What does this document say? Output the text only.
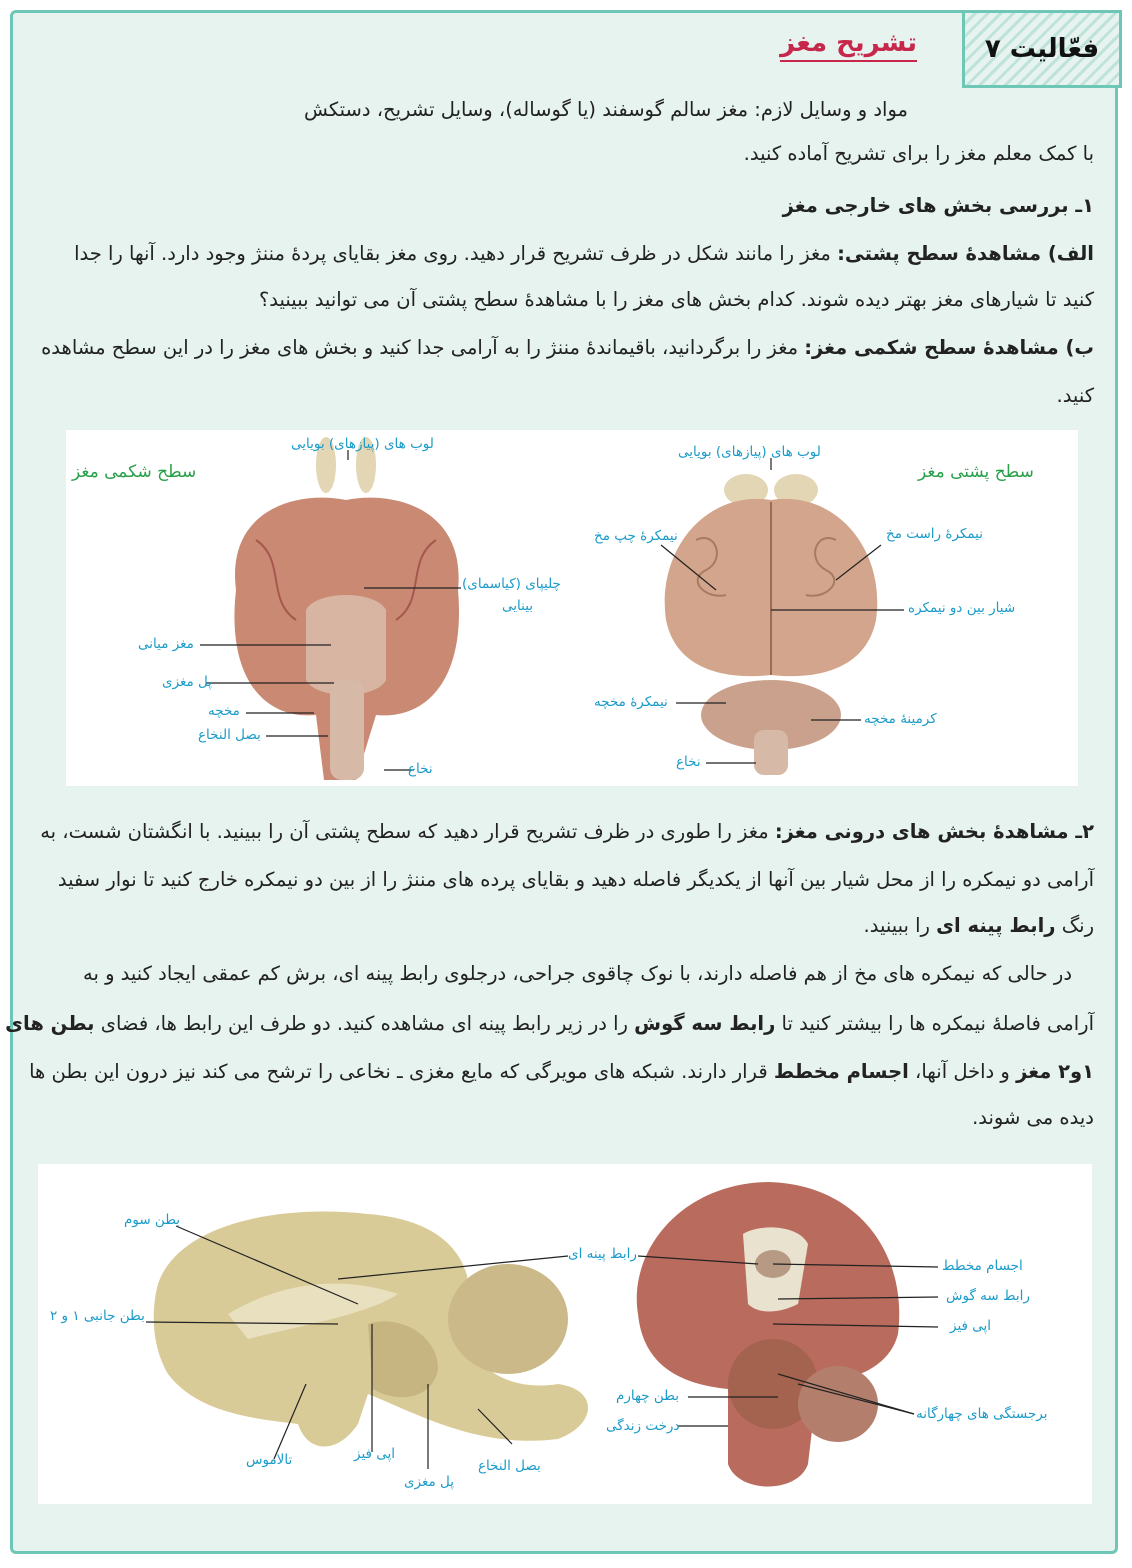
فعّالیت ۷
تشریح مغز
مواد و وسایل لازم: مغز سالم گوسفند (یا گوساله)، وسایل تشریح، دستکش
با کمک معلم مغز را برای تشریح آماده کنید.
۱ـ بررسی بخش های خارجی مغز
الف) مشاهدهٔ سطح پشتی: مغز را مانند شکل در ظرف تشریح قرار دهید. روی مغز بقایای پردهٔ مننژ وجود دارد. آنها را جدا
کنید تا شیارهای مغز بهتر دیده شوند. کدام بخش های مغز را با مشاهدهٔ سطح پشتی آن می توانید ببینید؟
ب) مشاهدهٔ سطح شکمی مغز: مغز را برگردانید، باقیماندهٔ مننژ را به آرامی جدا کنید و بخش های مغز را در این سطح مشاهده
کنید.
سطح شکمی مغز
لوب های (پیازهای) بویایی
چلیپای (کیاسمای)
بینایی
مغز میانی
پل مغزی
مخچه
بصل النخاع
نخاع
سطح پشتی مغز
لوب های (پیازهای) بویایی
نیمکرهٔ چپ مخ	نیمکرهٔ راست مخ
شیار بین دو نیمکره
نیمکرهٔ مخچه
کرمینهٔ مخچه
نخاع
۲ـ مشاهدهٔ بخش های درونی مغز: مغز را طوری در ظرف تشریح قرار دهید که سطح پشتی آن را ببینید. با انگشتان شست، به
آرامی دو نیمکره را از محل شیار بین آنها از یکدیگر فاصله دهید و بقایای پرده های مننژ را از بین دو نیمکره خارج کنید تا نوار سفید
رنگ رابط پینه ای را ببینید.
در حالی که نیمکره های مخ از هم فاصله دارند، با نوک چاقوی جراحی، درجلوی رابط پینه ای، برش کم عمقی ایجاد کنید و به
آرامی فاصلهٔ نیمکره ها را بیشتر کنید تا رابط سه گوش را در زیر رابط پینه ای مشاهده کنید. دو طرف این رابط ها، فضای بطن های
۱و۲ مغز و داخل آنها، اجسام مخطط قرار دارند. شبکه های مویرگی که مایع مغزی ـ نخاعی را ترشح می کند نیز درون این بطن ها
دیده می شوند.
بطن سوم
بطن جانبی ۱ و ۲
تالاموس	اپی فیز
پل مغزی
بصل النخاع
رابط پینه ای
اجسام مخطط
رابط سه گوش
اپی فیز
برجستگی های چهارگانه
بطن چهارم
درخت زندگی
